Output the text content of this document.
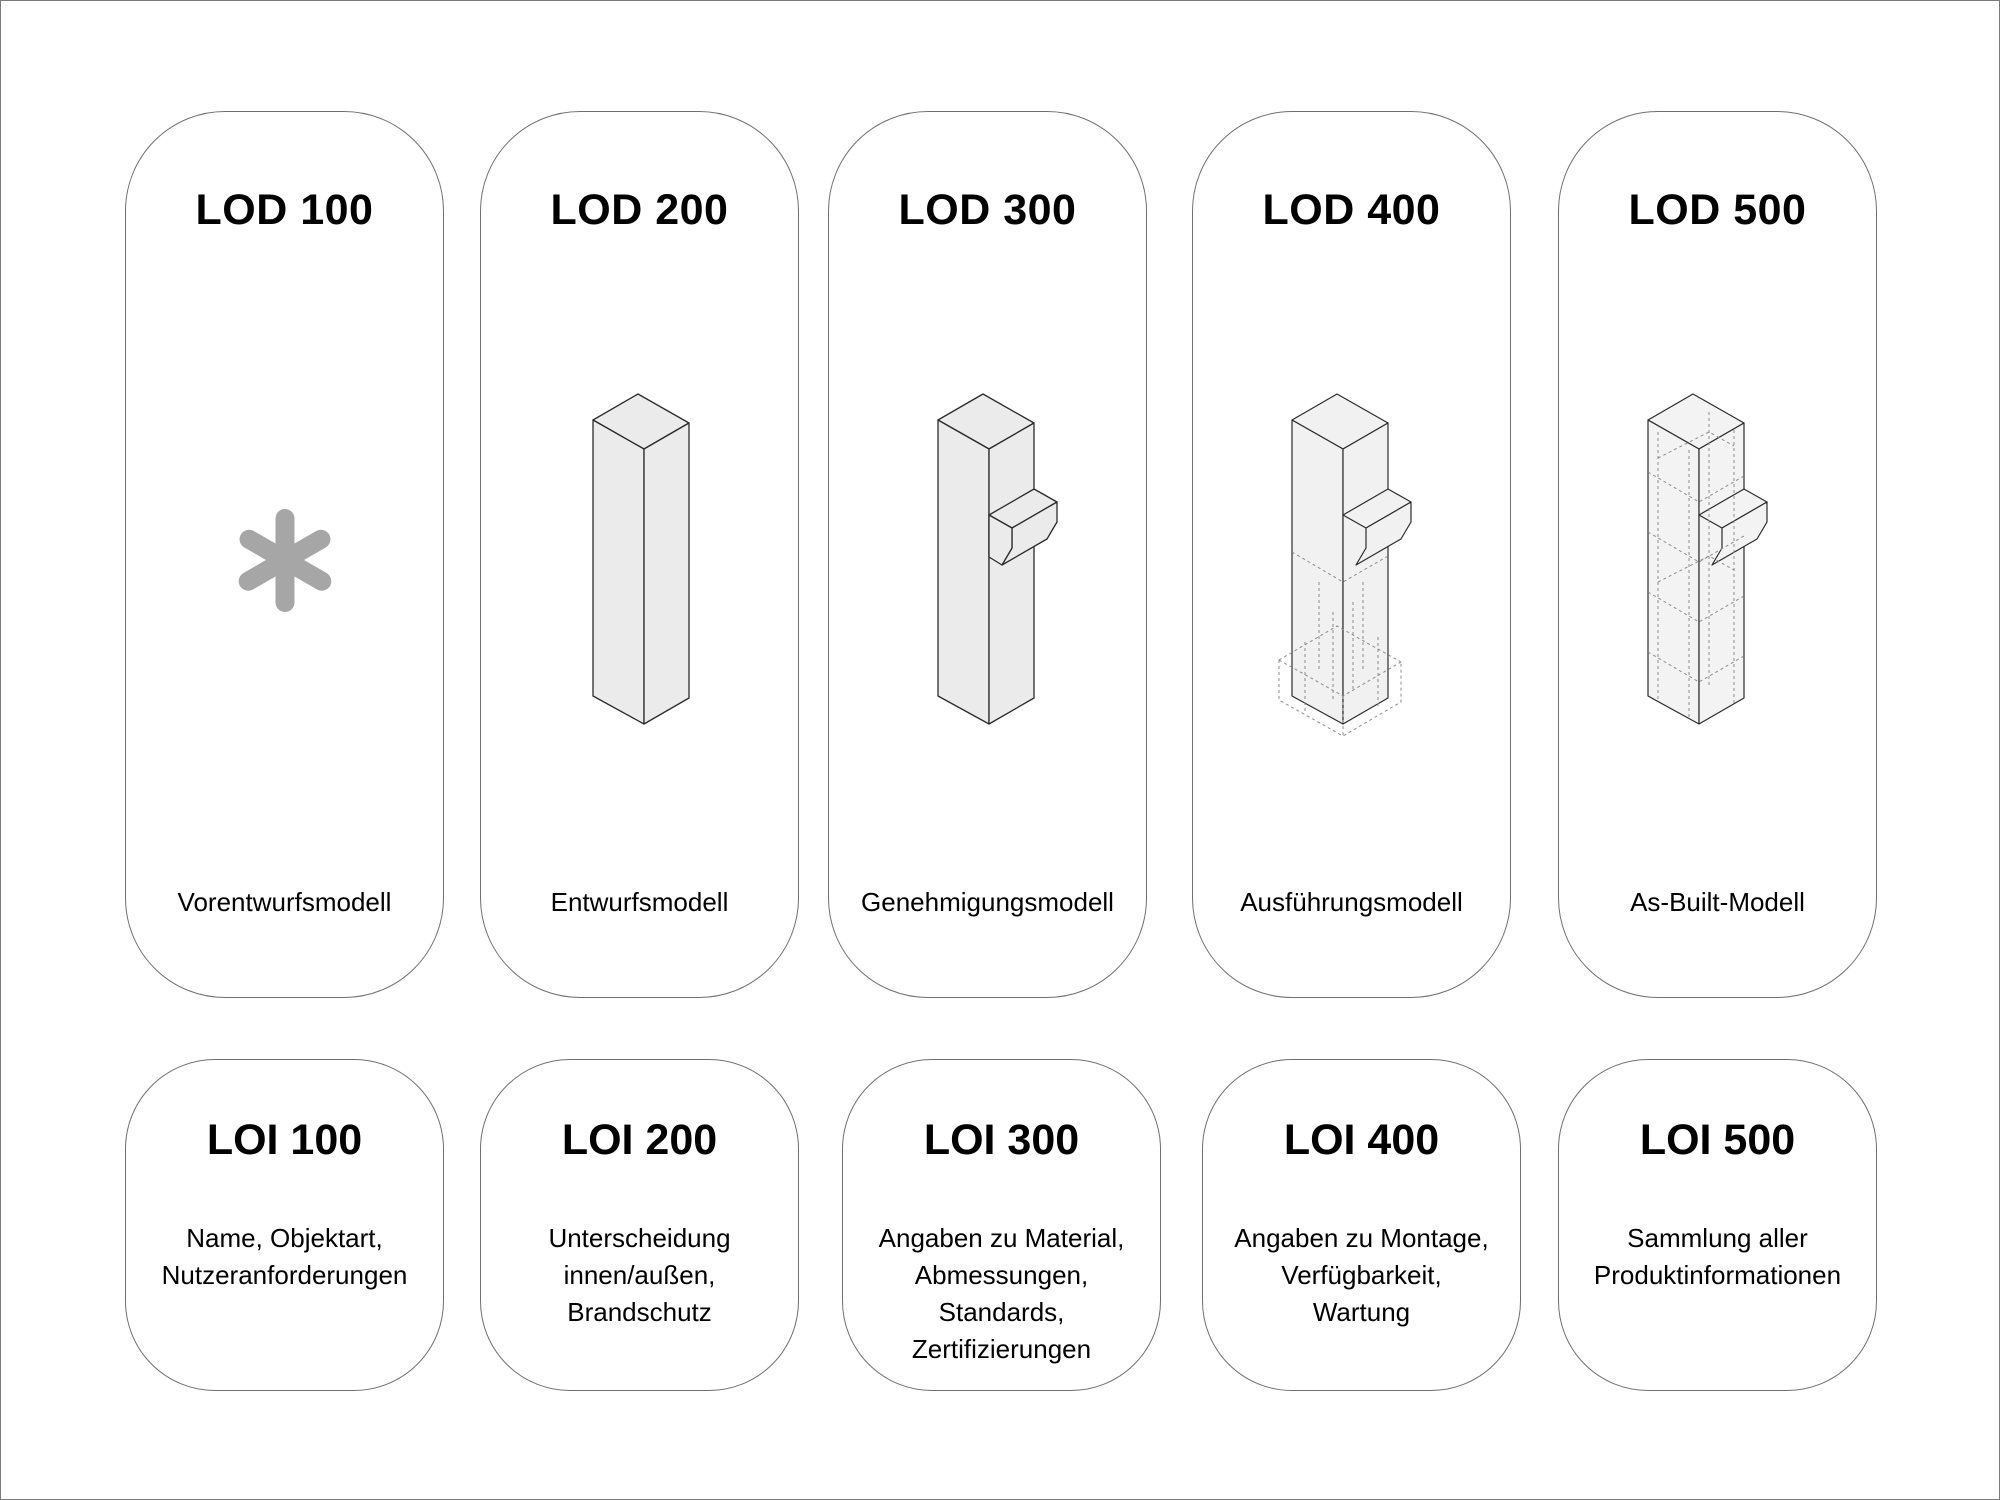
LOD 100
Vorentwurfsmodell
LOD 200
Entwurfsmodell
LOD 300
Genehmigungsmodell
LOD 400
Ausführungsmodell
LOD 500
As-Built-Modell
LOI 100
Name, Objektart,
Nutzeranforderungen
LOI 200
Unterscheidung
innen/außen,
Brandschutz
LOI 300
Angaben zu Material,
Abmessungen,
Standards,
Zertifizierungen
LOI 400
Angaben zu Montage,
Verfügbarkeit,
Wartung
LOI 500
Sammlung aller
Produktinformationen
